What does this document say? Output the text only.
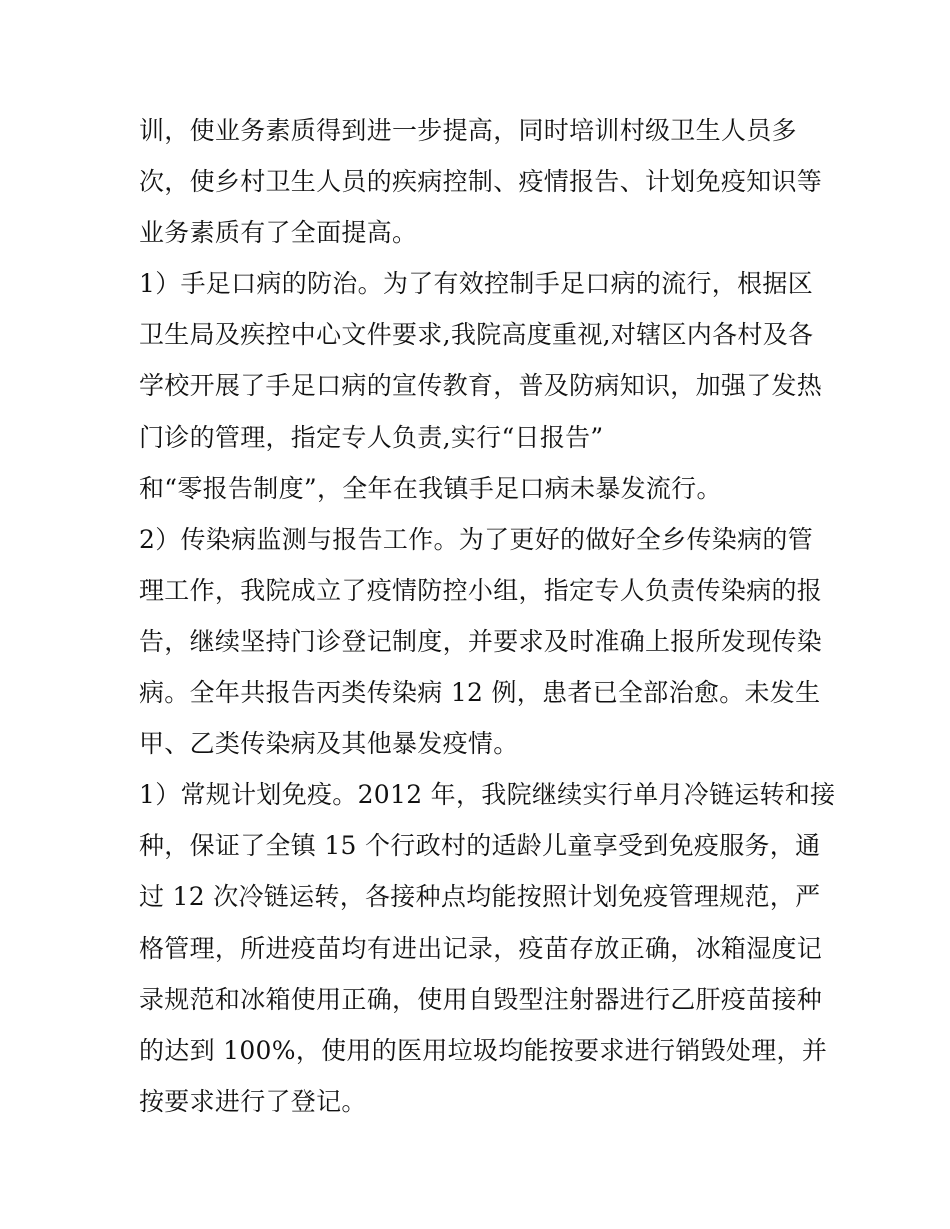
训，使业务素质得到进一步提高，同时培训村级卫生人员多
次，使乡村卫生人员的疾病控制、疫情报告、计划免疫知识等
业务素质有了全面提高。
1）手足口病的防治。为了有效控制手足口病的流行，根据区
卫生局及疾控中心文件要求,我院高度重视,对辖区内各村及各
学校开展了手足口病的宣传教育，普及防病知识，加强了发热
门诊的管理，指定专人负责,实行“日报告”
和“零报告制度”，全年在我镇手足口病未暴发流行。
2）传染病监测与报告工作。为了更好的做好全乡传染病的管
理工作，我院成立了疫情防控小组，指定专人负责传染病的报
告，继续坚持门诊登记制度，并要求及时准确上报所发现传染
病。全年共报告丙类传染病 12 例，患者已全部治愈。未发生
甲、乙类传染病及其他暴发疫情。
1）常规计划免疫。2012 年，我院继续实行单月冷链运转和接
种，保证了全镇 15 个行政村的适龄儿童享受到免疫服务，通
过 12 次冷链运转，各接种点均能按照计划免疫管理规范，严
格管理，所进疫苗均有进出记录，疫苗存放正确，冰箱湿度记
录规范和冰箱使用正确，使用自毁型注射器进行乙肝疫苗接种
的达到 100%，使用的医用垃圾均能按要求进行销毁处理，并
按要求进行了登记。
